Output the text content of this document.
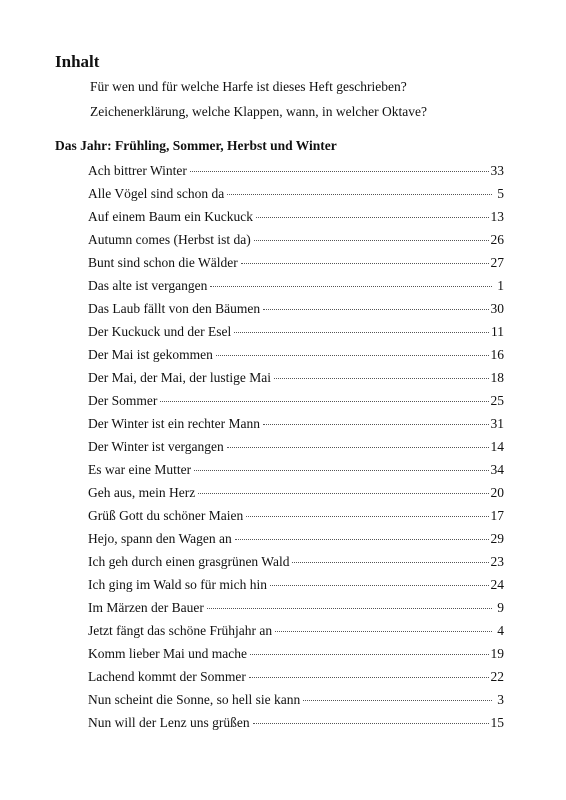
Inhalt

Für wen und für welche Harfe ist dieses Heft geschrieben?

Zeichenerklärung, welche Klappen, wann, in welcher Oktave?

Das Jahr: Frühling, Sommer, Herbst und Winter
Ach bittrer Winter	33
Alle Vögel sind schon da	5
Auf einem Baum ein Kuckuck	13
Autumn comes (Herbst ist da)	26
Bunt sind schon die Wälder	27
Das alte ist vergangen	1
Das Laub fällt von den Bäumen	30
Der Kuckuck und der Esel	11
Der Mai ist gekommen	16
Der Mai, der Mai, der lustige Mai	18
Der Sommer	25
Der Winter ist ein rechter Mann	31
Der Winter ist vergangen	14
Es war eine Mutter	34
Geh aus, mein Herz	20
Grüß Gott du schöner Maien	17
Hejo, spann den Wagen an	29
Ich geh durch einen grasgrünen Wald	23
Ich ging im Wald so für mich hin	24
Im Märzen der Bauer	9
Jetzt fängt das schöne Frühjahr an	4
Komm lieber Mai und mache	19
Lachend kommt der Sommer	22
Nun scheint die Sonne, so hell sie kann	3
Nun will der Lenz uns grüßen	15
